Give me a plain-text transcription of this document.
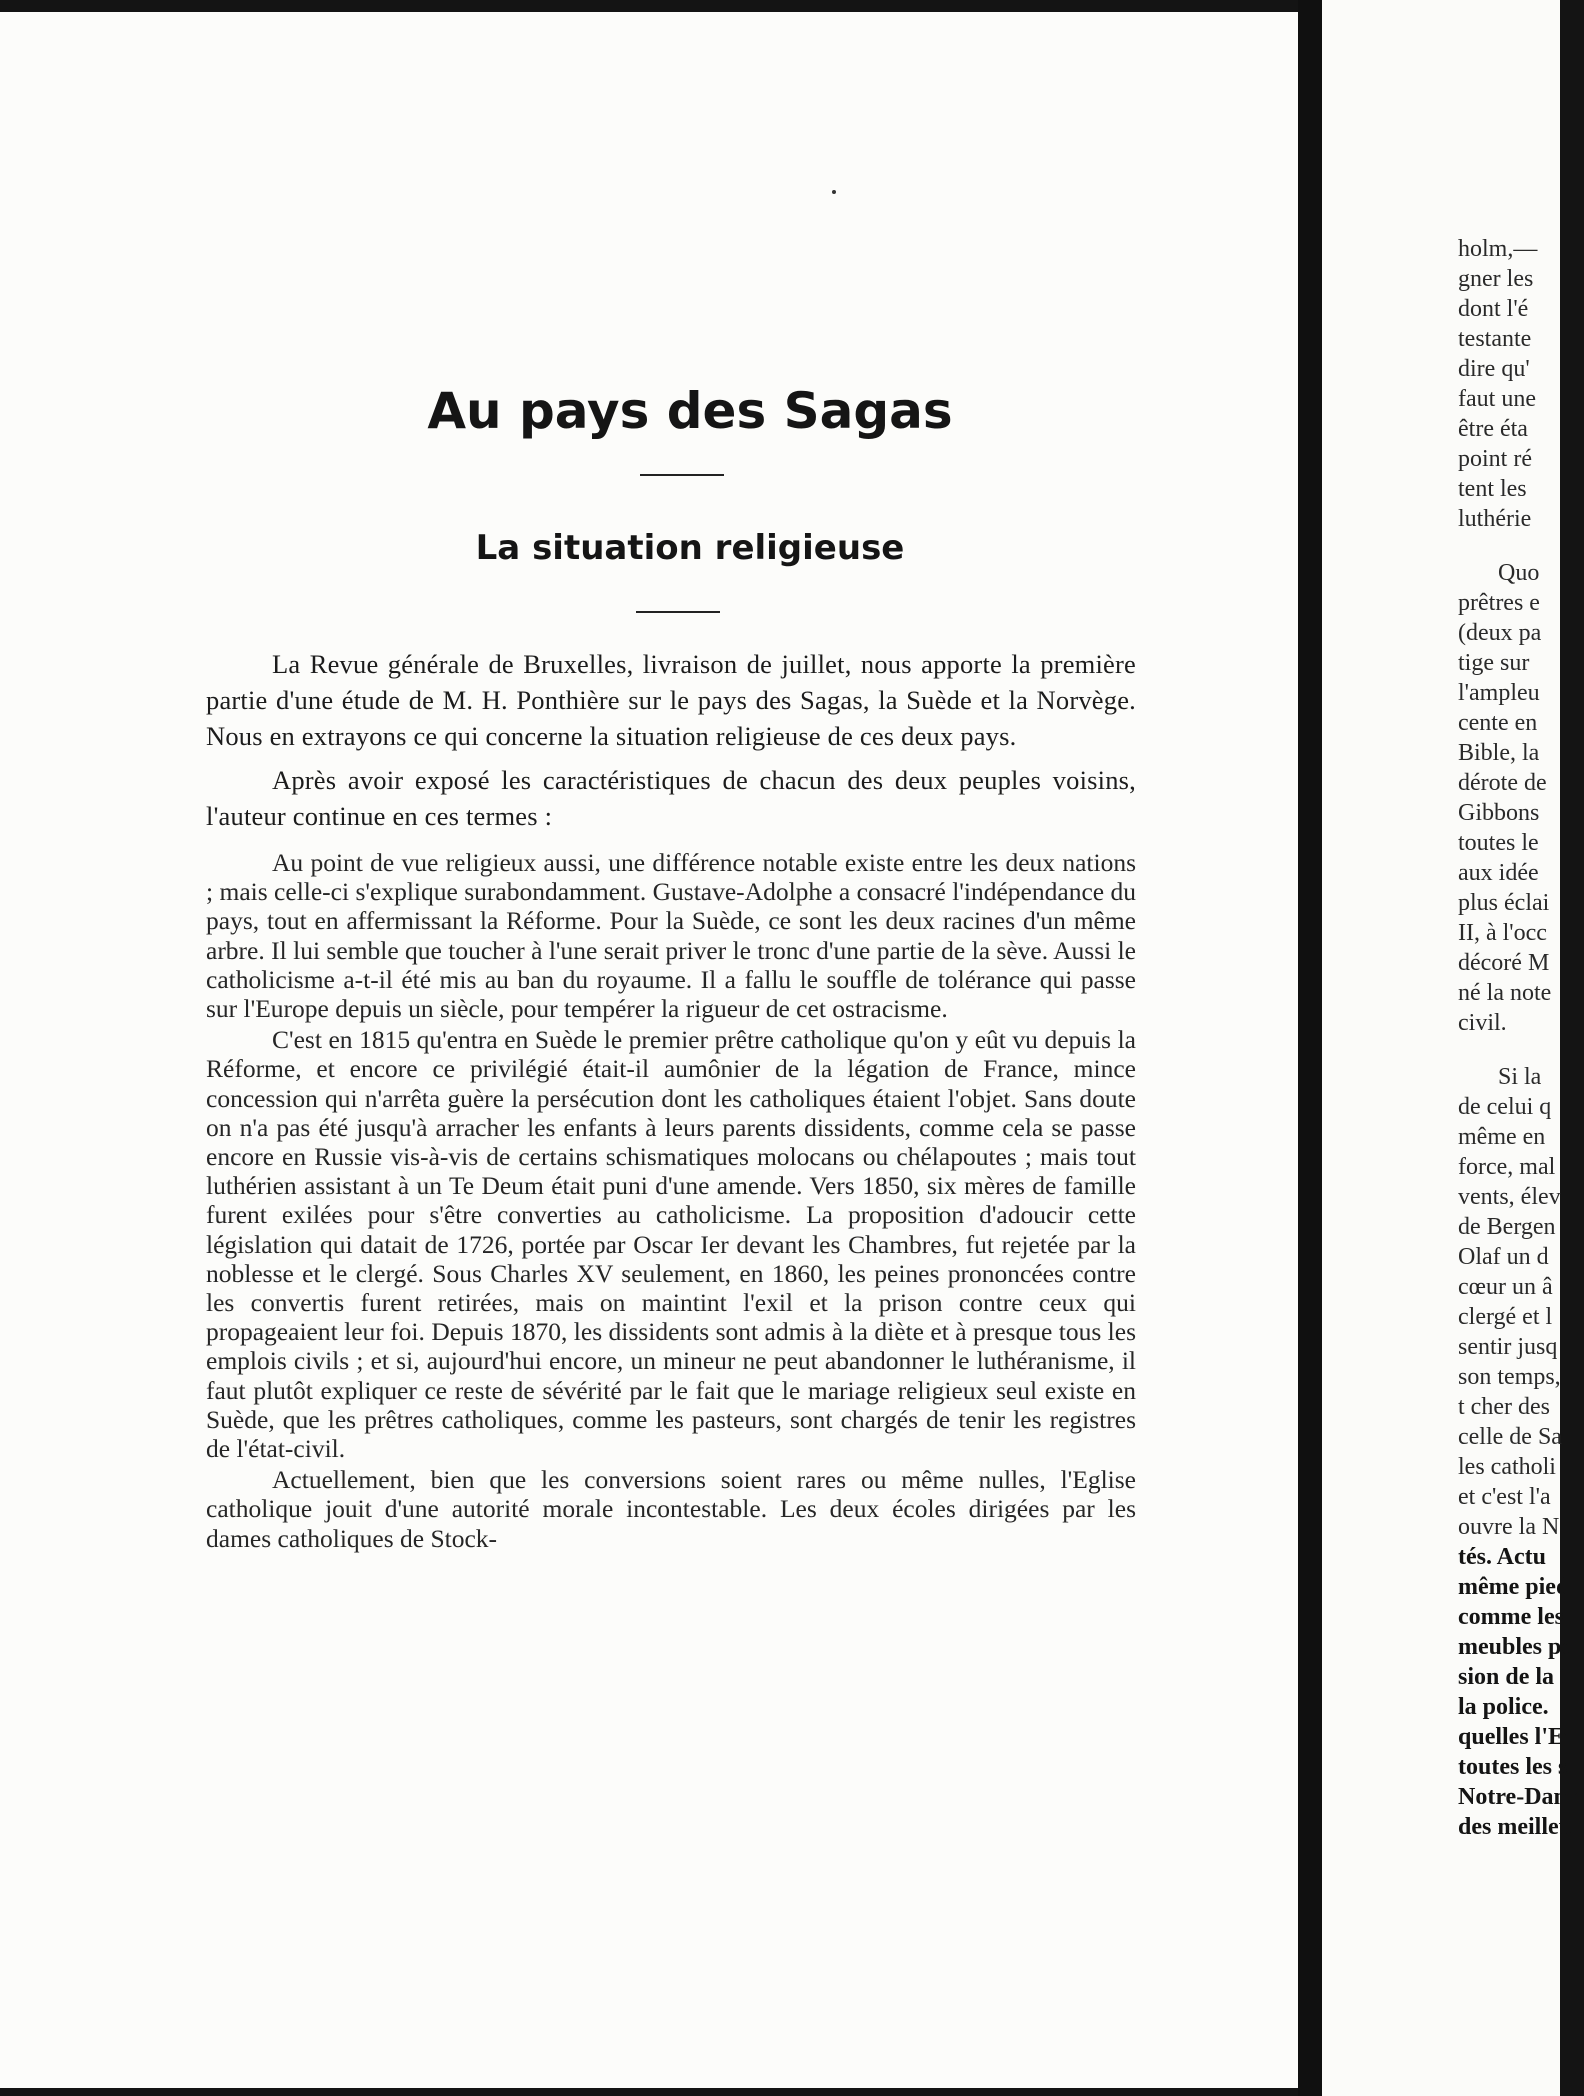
Au pays des Sagas
La situation religieuse

La Revue générale de Bruxelles, livraison de juillet, nous apporte la première partie d'une étude de M. H. Ponthière sur le pays des Sagas, la Suède et la Norvège. Nous en extrayons ce qui concerne la situation religieuse de ces deux pays.

Après avoir exposé les caractéristiques de chacun des deux peuples voisins, l'auteur continue en ces termes :

Au point de vue religieux aussi, une différence notable existe entre les deux nations ; mais celle-ci s'explique surabondamment. Gustave-Adolphe a consacré l'indépendance du pays, tout en affermissant la Réforme. Pour la Suède, ce sont les deux racines d'un même arbre. Il lui semble que toucher à l'une serait priver le tronc d'une partie de la sève. Aussi le catholicisme a-t-il été mis au ban du royaume. Il a fallu le souffle de tolérance qui passe sur l'Europe depuis un siècle, pour tempérer la rigueur de cet ostracisme.

C'est en 1815 qu'entra en Suède le premier prêtre catholique qu'on y eût vu depuis la Réforme, et encore ce privilégié était-il aumônier de la légation de France, mince concession qui n'arrêta guère la persécution dont les catholiques étaient l'objet. Sans doute on n'a pas été jusqu'à arracher les enfants à leurs parents dissidents, comme cela se passe encore en Russie vis-à-vis de certains schismatiques molocans ou chélapoutes ; mais tout luthérien assistant à un Te Deum était puni d'une amende. Vers 1850, six mères de famille furent exilées pour s'être converties au catholicisme. La proposition d'adoucir cette législation qui datait de 1726, portée par Oscar Ier devant les Chambres, fut rejetée par la noblesse et le clergé. Sous Charles XV seulement, en 1860, les peines prononcées contre les convertis furent retirées, mais on maintint l'exil et la prison contre ceux qui propageaient leur foi. Depuis 1870, les dissidents sont admis à la diète et à presque tous les emplois civils ; et si, aujourd'hui encore, un mineur ne peut abandonner le luthéranisme, il faut plutôt expliquer ce reste de sévérité par le fait que le mariage religieux seul existe en Suède, que les prêtres catholiques, comme les pasteurs, sont chargés de tenir les registres de l'état-civil.

Actuellement, bien que les conversions soient rares ou même nulles, l'Eglise catholique jouit d'une autorité morale incontestable. Les deux écoles dirigées par les dames catholiques de Stock-

holm,—
gner les
dont l'é
testante
dire qu'
faut une
être éta
point ré
tent les
luthérie
Quo
prêtres e
(deux pa
tige sur
l'ampleu
cente en
Bible, la
dérote de
Gibbons
toutes le
aux idée
plus éclai
II, à l'occ
décoré M
né la note
civil.
Si la
de celui q
même en
force, mal
vents, élev
de Bergen
Olaf un d
cœur un â
clergé et l
sentir jusq
son temps,
t cher des
celle de Sa
les catholi
et c'est l'a
ouvre la N
tés. Actu
même pied
comme les
meubles po
sion de la I
la police.
quelles l'Et
toutes les s
Notre-Dame
des meilleu
